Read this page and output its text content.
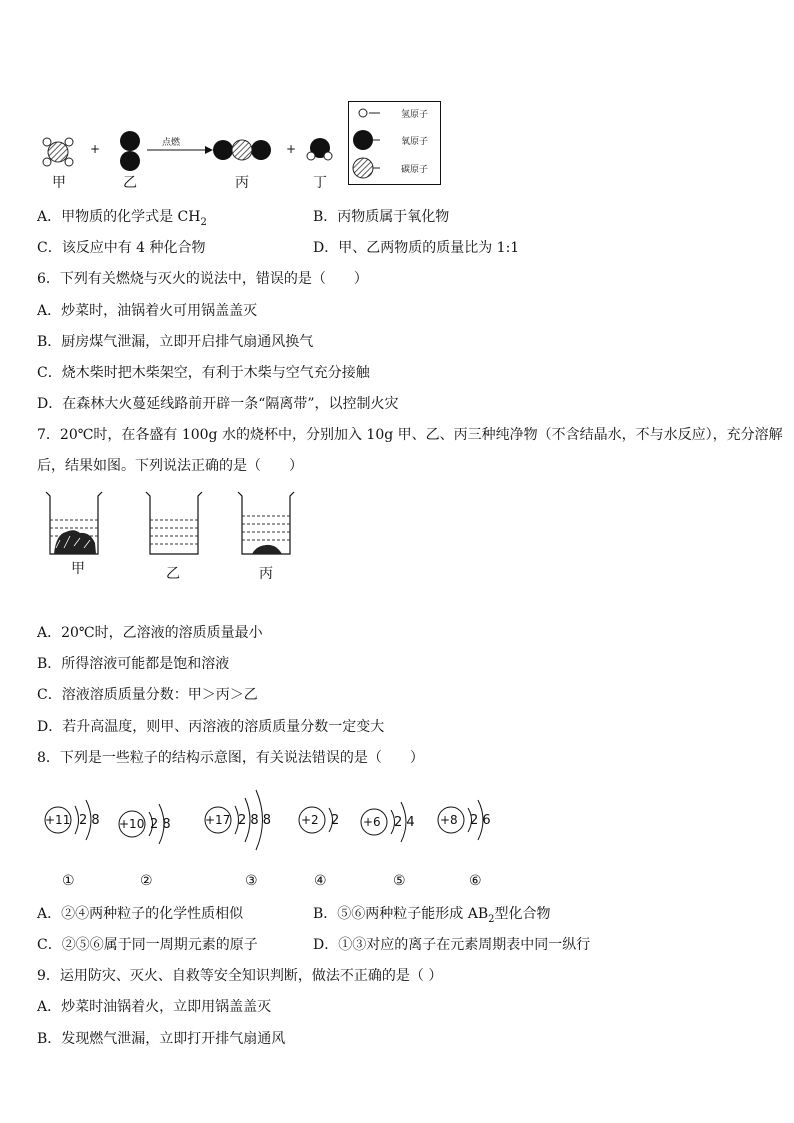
点燃
+	+
甲	乙	丙	丁
氢原子
氧原子
碳原子
A．甲物质的化学式是 $CH_2$	B．丙物质属于氧化物
C．该反应中有 4 种化合物	D．甲、乙两物质的质量比为 1:1
6．下列有关燃烧与灭火的说法中，错误的是（　　）
A．炒菜时，油锅着火可用锅盖盖灭
B．厨房煤气泄漏，立即开启排气扇通风换气
C．烧木柴时把木柴架空，有利于木柴与空气充分接触
D．在森林大火蔓延线路前开辟一条“隔离带”，以控制火灾
7．20℃时，在各盛有 100g 水的烧杯中，分别加入 10g 甲、乙、丙三种纯净物（不含结晶水，不与水反应），充分溶解
后，结果如图。下列说法正确的是（　　）
甲	乙	丙
A．20℃时，乙溶液的溶质质量最小
B．所得溶液可能都是饱和溶液
C．溶液溶质质量分数：甲＞丙＞乙
D．若升高温度，则甲、丙溶液的溶质质量分数一定变大
8．下列是一些粒子的结构示意图，有关说法错误的是（　　）
+11 2 8 +10 2 8	+17 2 8 8 +2 2 +6 2 4 +8 2 6
①	②	③	④	⑤	⑥
A．②④两种粒子的化学性质相似	B．⑤⑥两种粒子能形成 $AB_2$型化合物
C．②⑤⑥属于同一周期元素的原子	D．①③对应的离子在元素周期表中同一纵行
9．运用防灾、灭火、自救等安全知识判断，做法不正确的是（ ）
A．炒菜时油锅着火，立即用锅盖盖灭
B．发现燃气泄漏，立即打开排气扇通风
